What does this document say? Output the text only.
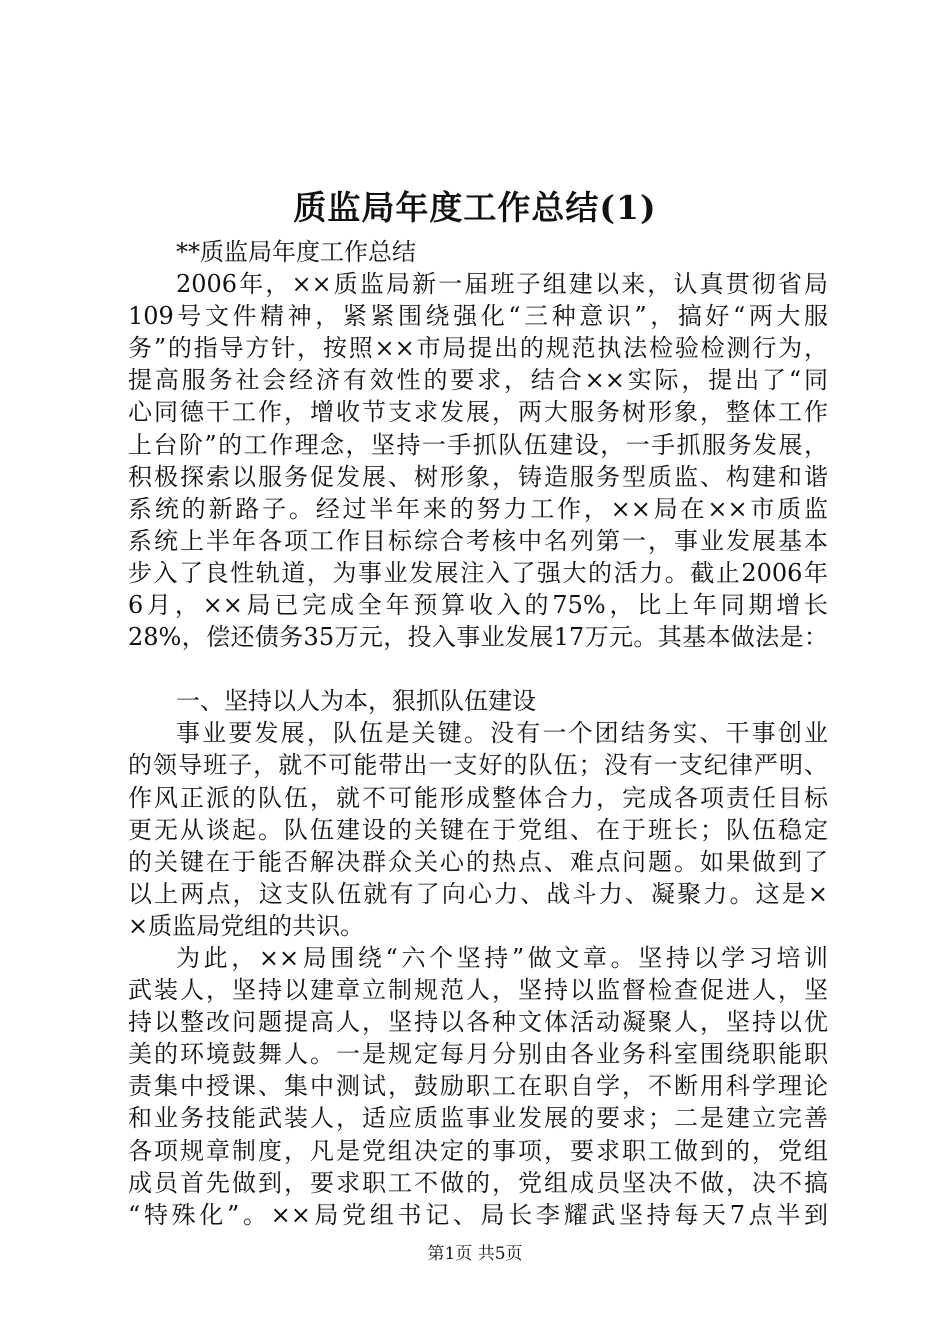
质监局年度工作总结(1)
**质监局年度工作总结
2006年，××质监局新一届班子组建以来，认真贯彻省局
109号文件精神，紧紧围绕强化“三种意识”，搞好“两大服
务”的指导方针，按照××市局提出的规范执法检验检测行为，
提高服务社会经济有效性的要求，结合××实际，提出了“同
心同德干工作，增收节支求发展，两大服务树形象，整体工作
上台阶”的工作理念，坚持一手抓队伍建设，一手抓服务发展，
积极探索以服务促发展、树形象，铸造服务型质监、构建和谐
系统的新路子。经过半年来的努力工作，××局在××市质监
系统上半年各项工作目标综合考核中名列第一，事业发展基本
步入了良性轨道，为事业发展注入了强大的活力。截止2006年
6月，××局已完成全年预算收入的75%，比上年同期增长
28%，偿还债务35万元，投入事业发展17万元。其基本做法是：
一、坚持以人为本，狠抓队伍建设
事业要发展，队伍是关键。没有一个团结务实、干事创业
的领导班子，就不可能带出一支好的队伍；没有一支纪律严明、
作风正派的队伍，就不可能形成整体合力，完成各项责任目标
更无从谈起。队伍建设的关键在于党组、在于班长；队伍稳定
的关键在于能否解决群众关心的热点、难点问题。如果做到了
以上两点，这支队伍就有了向心力、战斗力、凝聚力。这是×
×质监局党组的共识。
为此，××局围绕“六个坚持”做文章。坚持以学习培训
武装人，坚持以建章立制规范人，坚持以监督检查促进人，坚
持以整改问题提高人，坚持以各种文体活动凝聚人，坚持以优
美的环境鼓舞人。一是规定每月分别由各业务科室围绕职能职
责集中授课、集中测试，鼓励职工在职自学，不断用科学理论
和业务技能武装人，适应质监事业发展的要求；二是建立完善
各项规章制度，凡是党组决定的事项，要求职工做到的，党组
成员首先做到，要求职工不做的，党组成员坚决不做，决不搞
“特殊化”。××局党组书记、局长李耀武坚持每天7点半到
第1页 共5页
